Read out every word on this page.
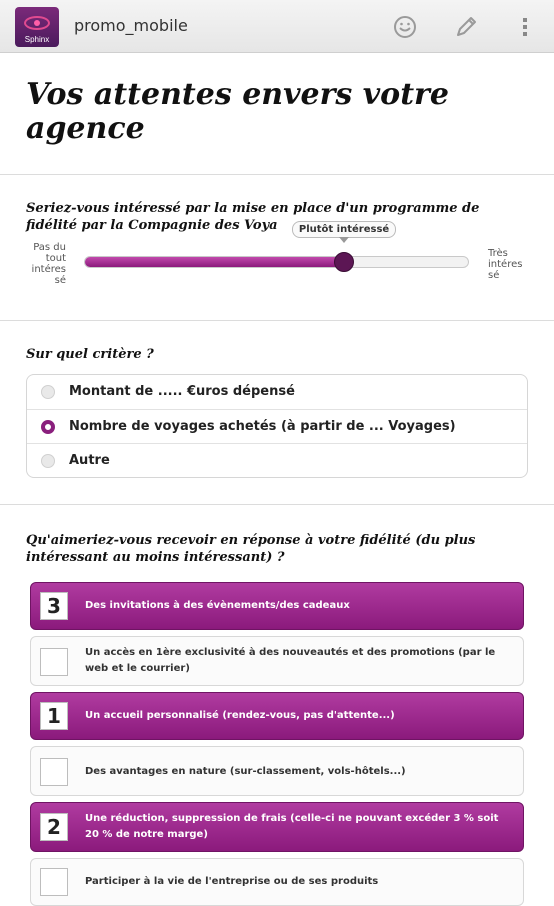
Sphinx
promo_mobile
Vos attentes envers votre agence
Seriez-vous intéressé par la mise en place d'un programme de fidélité par la Compagnie des Voya
Pas du tout intéres sé
Très intéres sé
Plutôt intéressé
Sur quel critère ?
Montant de ..... €uros dépensé
Nombre de voyages achetés (à partir de ... Voyages)
Autre
Qu'aimeriez-vous recevoir en réponse à votre fidélité (du plus intéressant au moins intéressant) ?
3	Des invitations à des évènements/des cadeaux
Un accès en 1ère exclusivité à des nouveautés et des promotions (par le web et le courrier)
1	Un accueil personnalisé (rendez-vous, pas d'attente...)
Des avantages en nature (sur-classement, vols-hôtels...)
2	Une réduction, suppression de frais (celle-ci ne pouvant excéder 3 % soit 20 % de notre marge)
Participer à la vie de l'entreprise ou de ses produits
